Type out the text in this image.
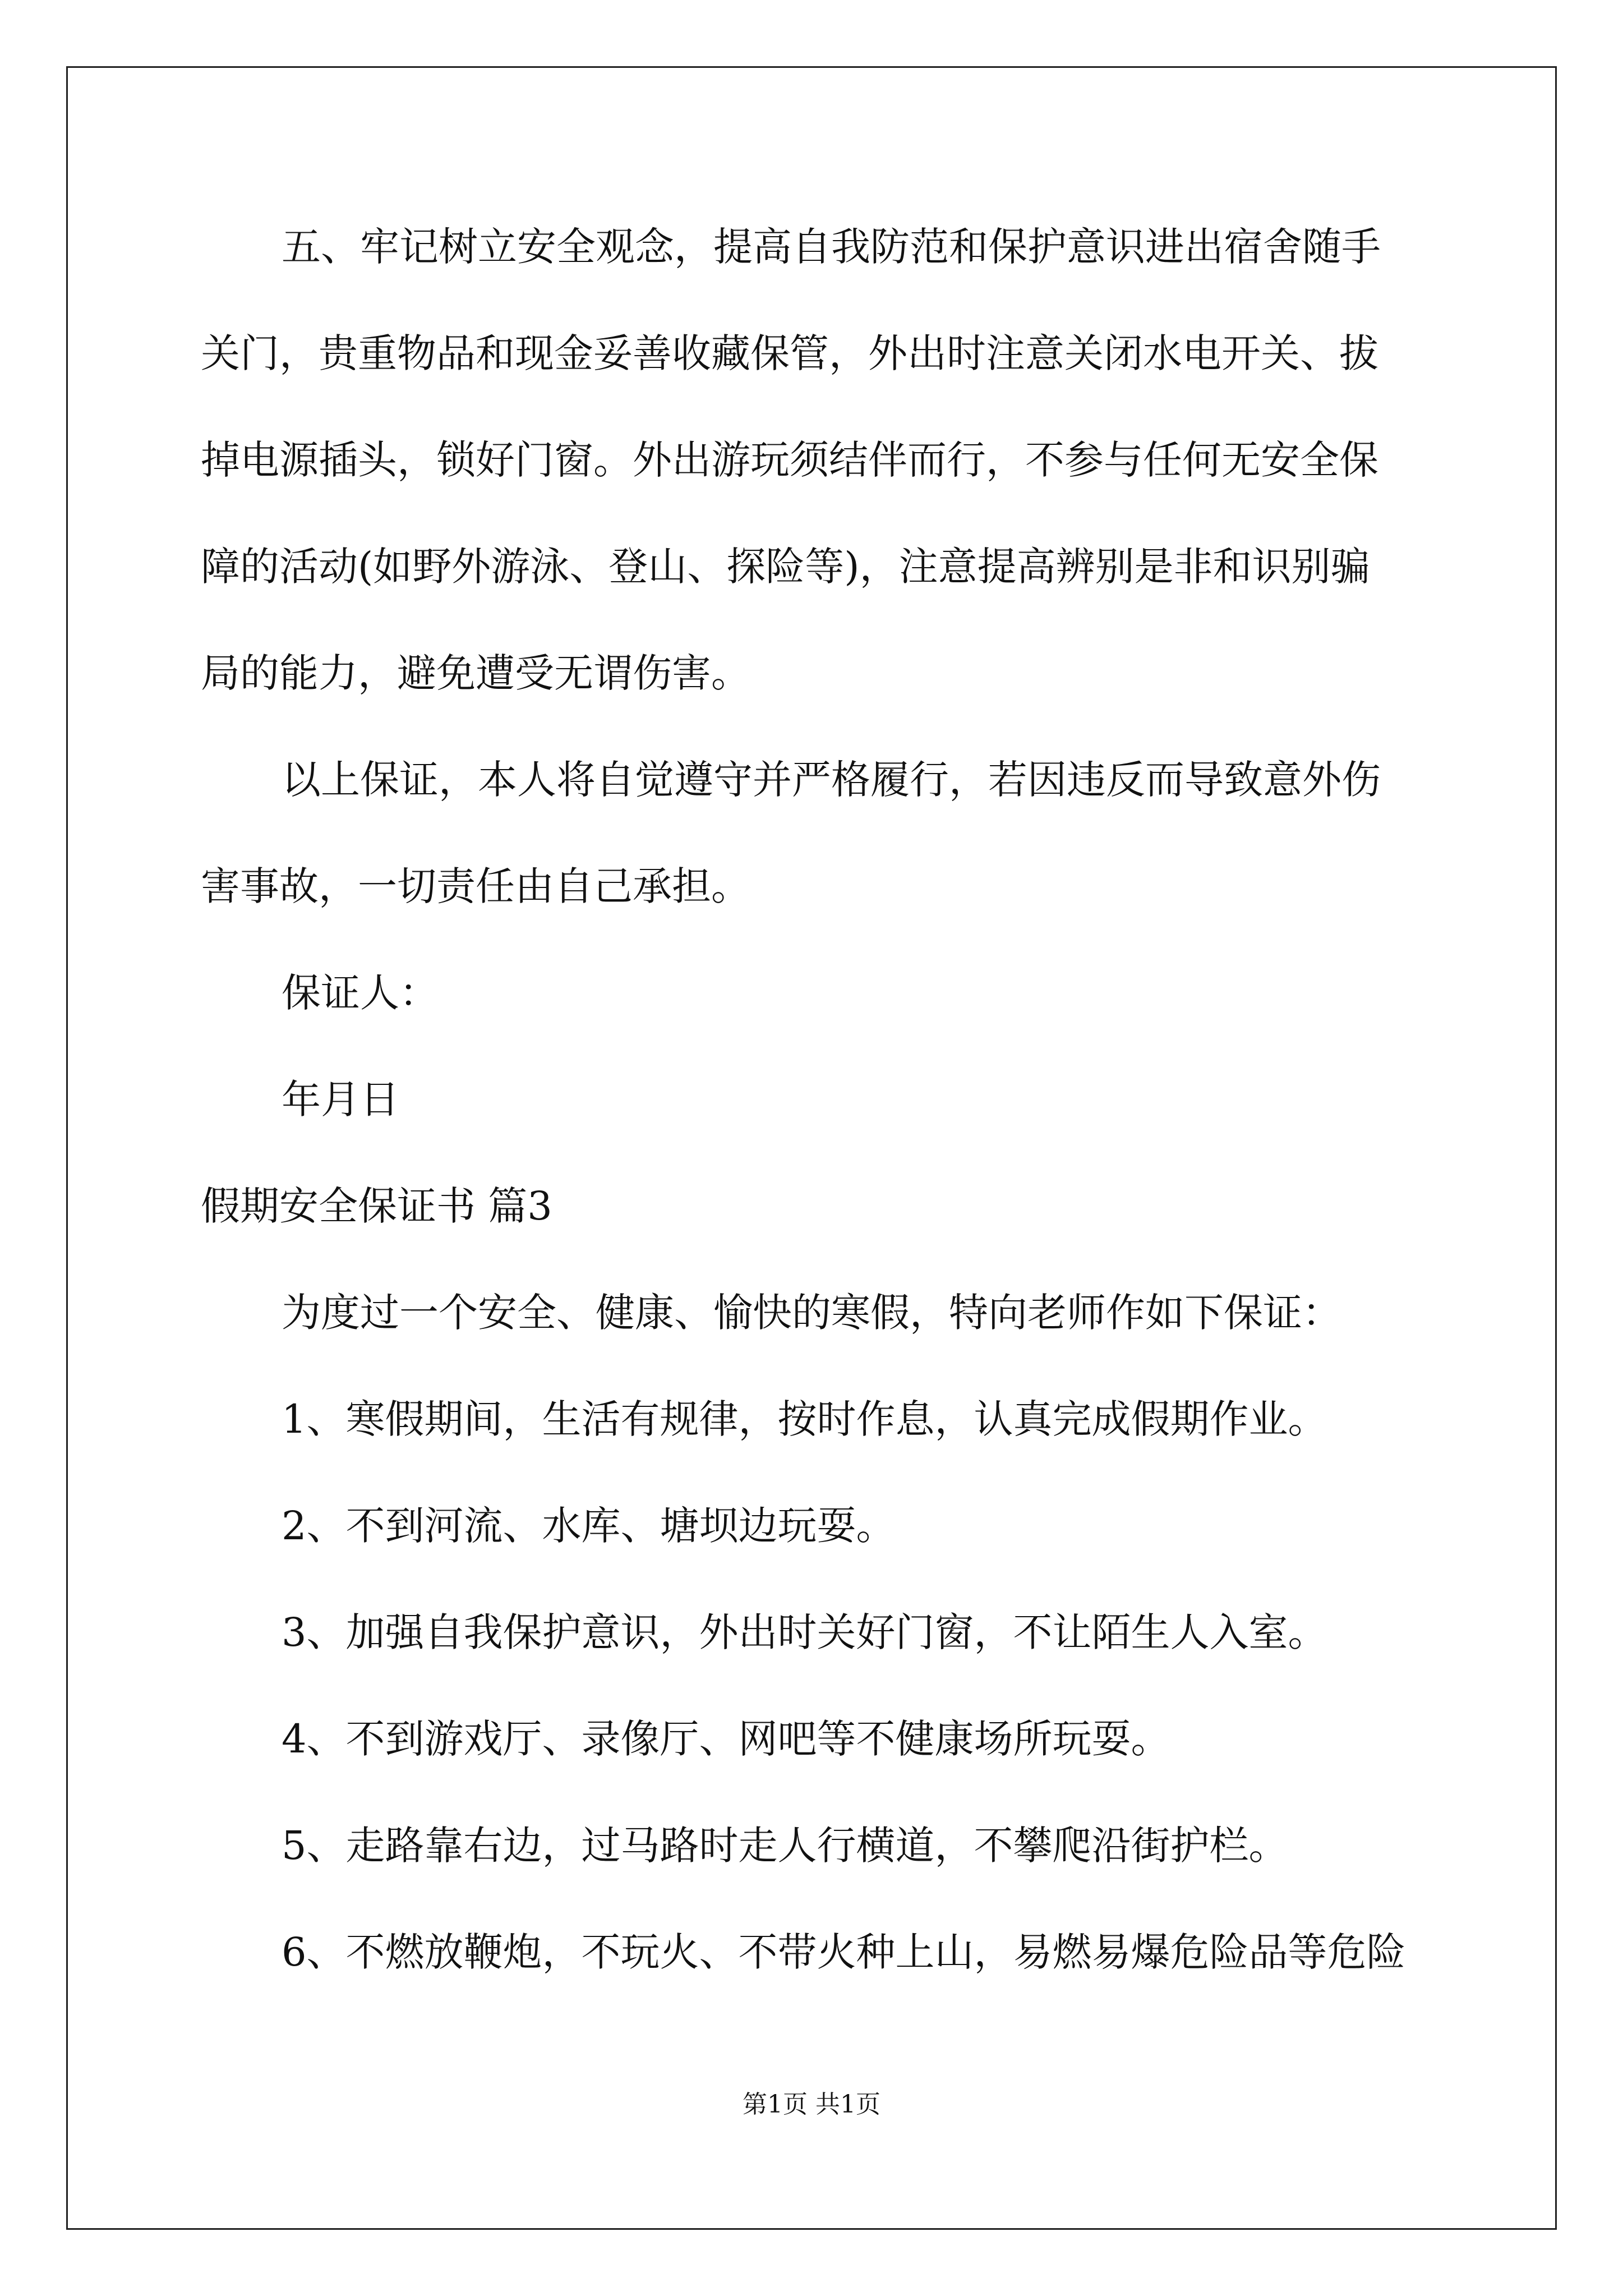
五、牢记树立安全观念，提高自我防范和保护意识进出宿舍随手
关门，贵重物品和现金妥善收藏保管，外出时注意关闭水电开关、拔
掉电源插头，锁好门窗。外出游玩须结伴而行，不参与任何无安全保
障的活动(如野外游泳、登山、探险等)，注意提高辨别是非和识别骗
局的能力，避免遭受无谓伤害。
以上保证，本人将自觉遵守并严格履行，若因违反而导致意外伤
害事故，一切责任由自己承担。
保证人：
年月日
假期安全保证书 篇3
为度过一个安全、健康、愉快的寒假，特向老师作如下保证：
1、寒假期间，生活有规律，按时作息，认真完成假期作业。
2、不到河流、水库、塘坝边玩耍。
3、加强自我保护意识，外出时关好门窗，不让陌生人入室。
4、不到游戏厅、录像厅、网吧等不健康场所玩耍。
5、走路靠右边，过马路时走人行横道，不攀爬沿街护栏。
6、不燃放鞭炮，不玩火、不带火种上山，易燃易爆危险品等危险
第1页 共1页
